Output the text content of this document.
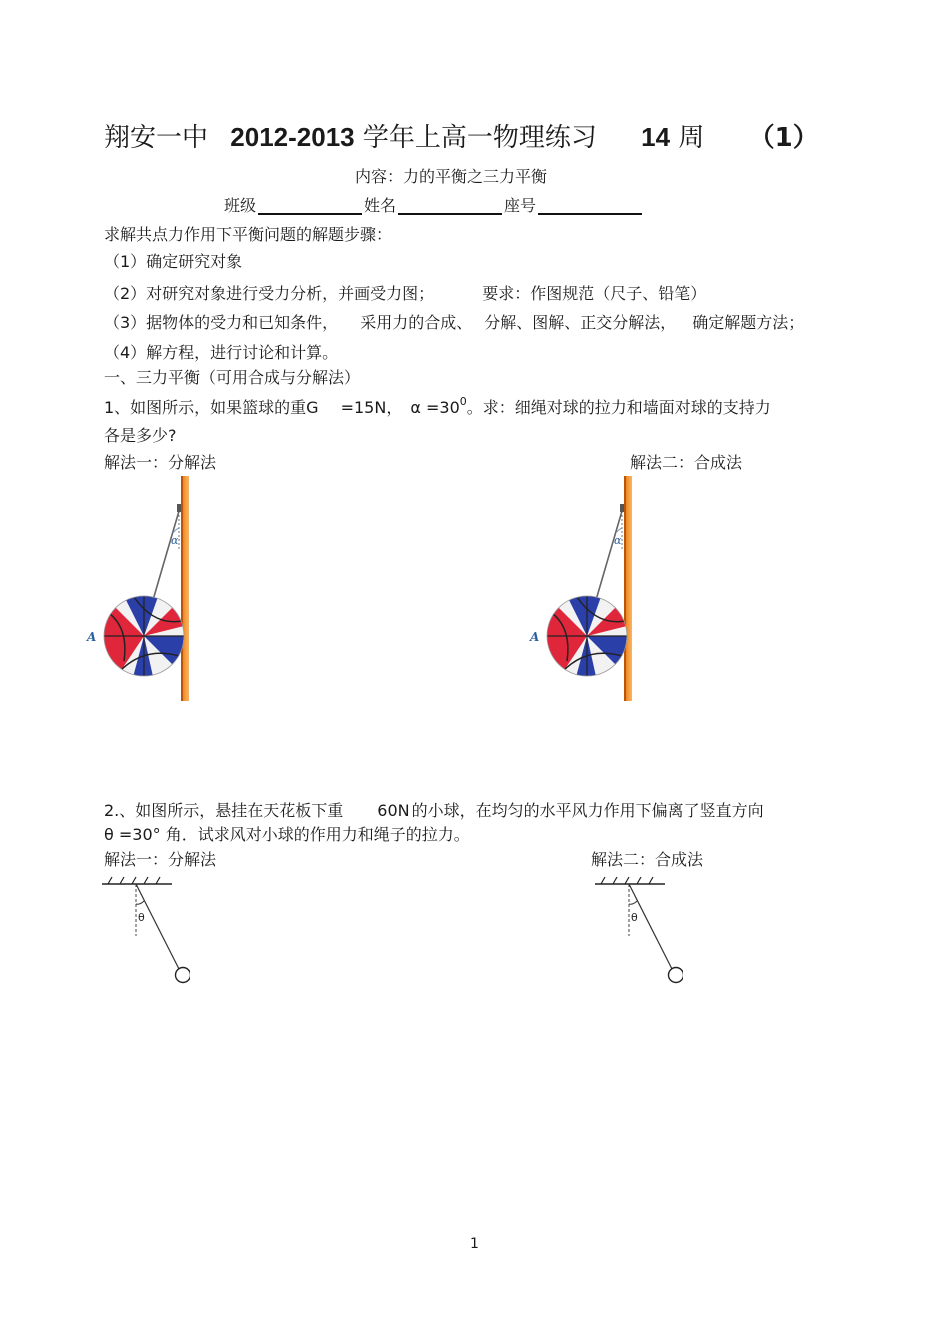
翔安一中 2012-2013 学年上高一物理练习 14 周 （1）
内容：力的平衡之三力平衡
班级	姓名	座号
求解共点力作用下平衡问题的解题步骤：
（1）确定研究对象
（2）对研究对象进行受力分析，并画受力图；	要求：作图规范（尺子、铅笔）
（3）据物体的受力和已知条件， 采用力的合成、 分解、图解、正交分解法， 确定解题方法；
（4）解方程，进行讨论和计算。
一、三力平衡（可用合成与分解法）
1、如图所示，如果篮球的重G =15N， $\alpha =30^0$。求：细绳对球的拉力和墙面对球的支持力
各是多少?
解法一：分解法	解法二：合成法
α
A
α
A
2.、如图所示，悬挂在天花板下重 60N 的小球，在均匀的水平风力作用下偏离了竖直方向
θ =30° 角．试求风对小球的作用力和绳子的拉力。
解法一：分解法	解法二：合成法
θ	θ
1
